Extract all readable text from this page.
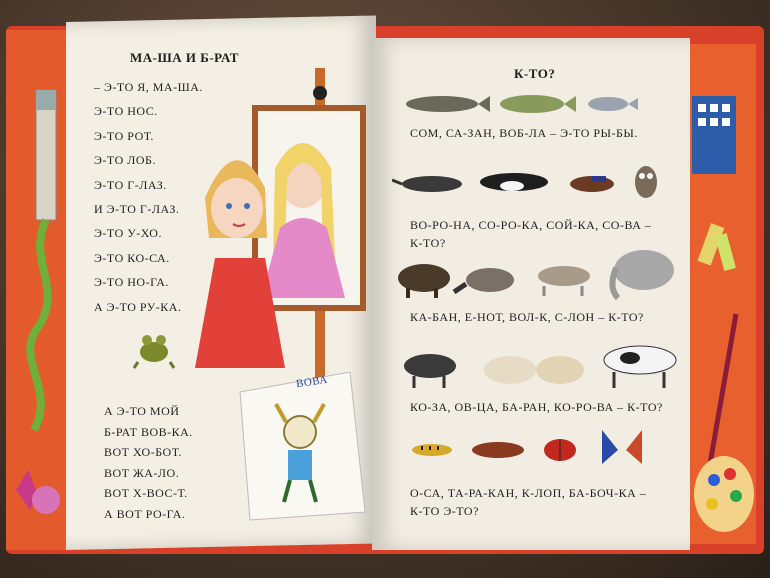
МА-ША И Б-РАТ
– Э-ТО Я, МА-ША.
Э-ТО НОС.
Э-ТО РОТ.
Э-ТО ЛОБ.
Э-ТО Г-ЛАЗ.
И Э-ТО Г-ЛАЗ.
Э-ТО У-ХО.
Э-ТО КО-СА.
Э-ТО НО-ГА.
А Э-ТО РУ-КА.
А Э-ТО МОЙ
Б-РАТ ВОВ-КА.
ВОТ ХО-БОТ.
ВОТ ЖА-ЛО.
ВОТ Х-ВОС-Т.
А ВОТ РО-ГА.
ВОВА
К-ТО?
СОМ, СА-ЗАН, ВОБ-ЛА – Э-ТО РЫ-БЫ.
ВО-РО-НА, СО-РО-КА, СОЙ-КА, СО-ВА –
К-ТО?
КА-БАН, Е-НОТ, ВОЛ-К, С-ЛОН – К-ТО?
КО-ЗА, ОВ-ЦА, БА-РАН, КО-РО-ВА – К-ТО?
О-СА, ТА-РА-КАН, К-ЛОП, БА-БОЧ-КА –
К-ТО Э-ТО?
